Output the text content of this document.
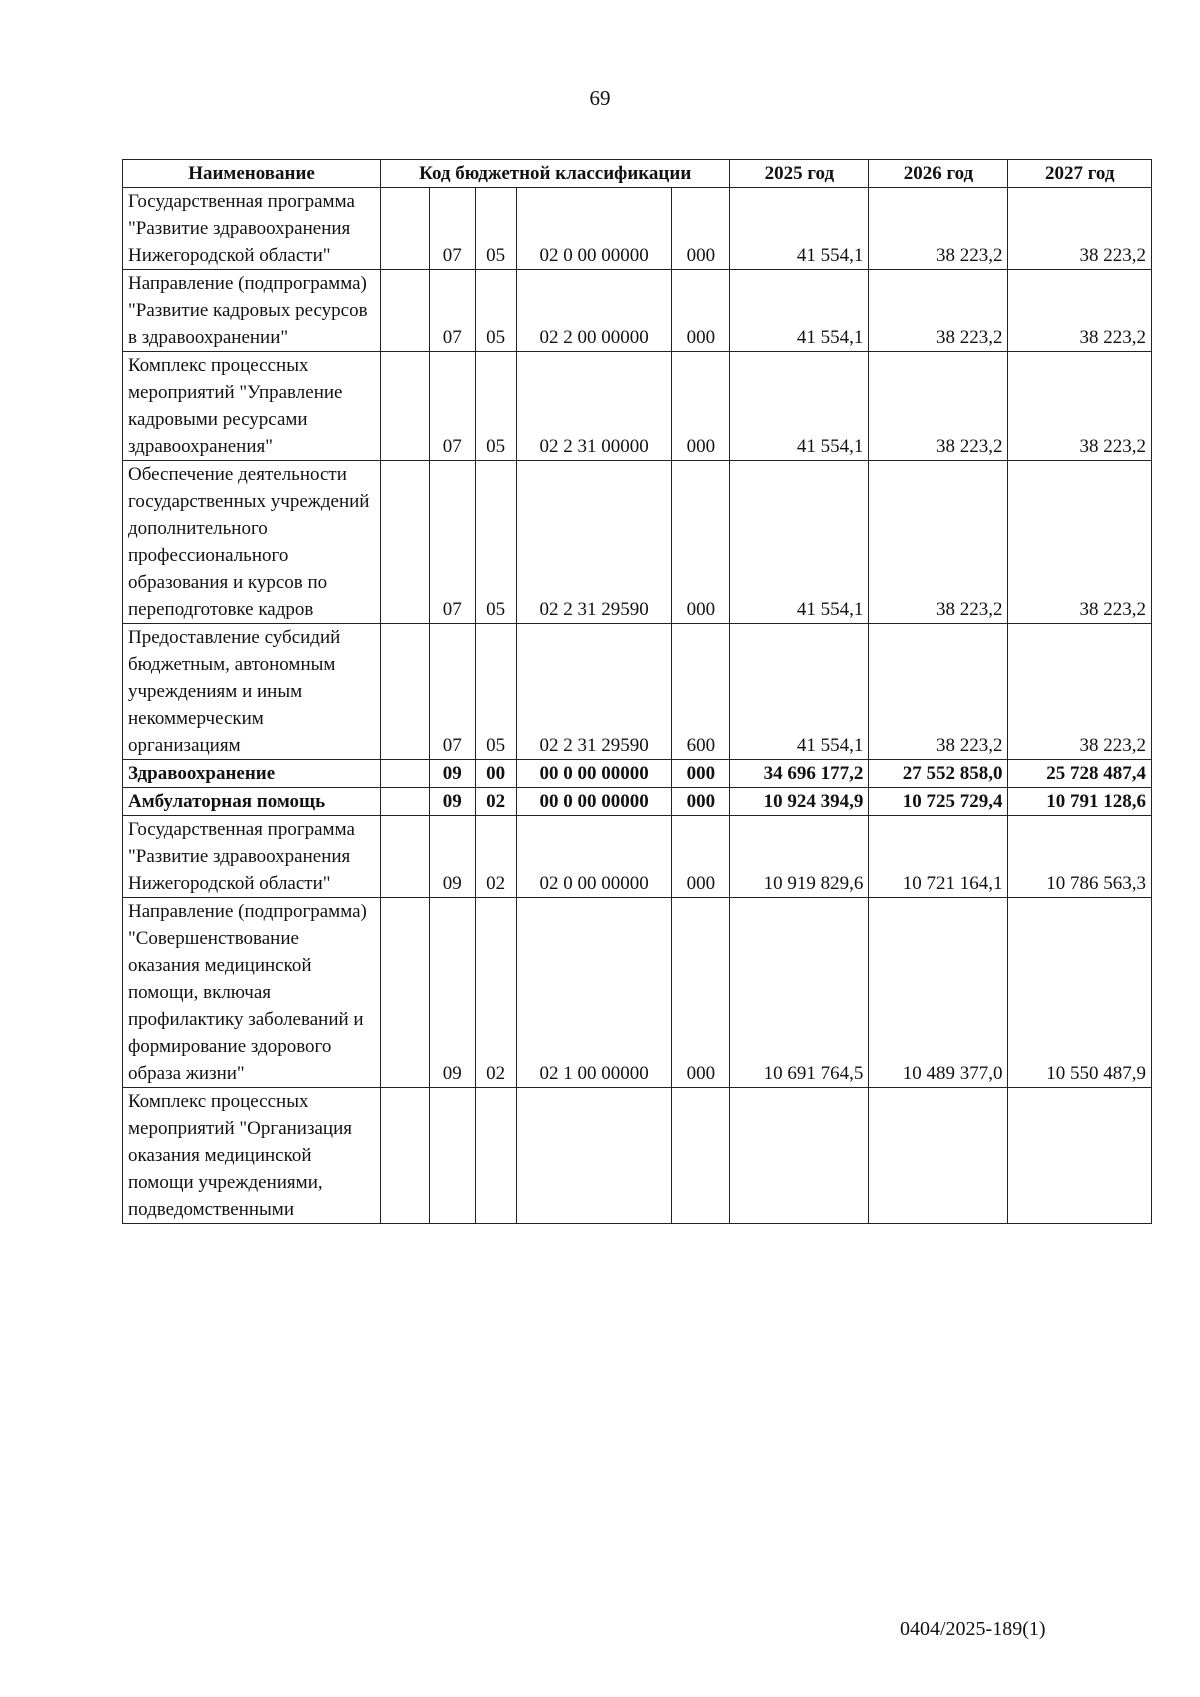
69
Наименование	Код бюджетной классификации					2025 год	2026 год	2027 год
Государственная программа "Развитие здравоохранения Нижегородской области"		07	05	02 0 00 00000	000	41 554,1	38 223,2	38 223,2
Направление (подпрограмма) "Развитие кадровых ресурсов в здравоохранении"		07	05	02 2 00 00000	000	41 554,1	38 223,2	38 223,2
Комплекс процессных мероприятий "Управление кадровыми ресурсами здравоохранения"		07	05	02 2 31 00000	000	41 554,1	38 223,2	38 223,2
Обеспечение деятельности государственных учреждений дополнительного профессионального образования и курсов по переподготовке кадров		07	05	02 2 31 29590	000	41 554,1	38 223,2	38 223,2
Предоставление субсидий бюджетным, автономным учреждениям и иным некоммерческим организациям		07	05	02 2 31 29590	600	41 554,1	38 223,2	38 223,2
Здравоохранение		09	00	00 0 00 00000	000	34 696 177,2	27 552 858,0	25 728 487,4
Амбулаторная помощь		09	02	00 0 00 00000	000	10 924 394,9	10 725 729,4	10 791 128,6
Государственная программа "Развитие здравоохранения Нижегородской области"		09	02	02 0 00 00000	000	10 919 829,6	10 721 164,1	10 786 563,3
Направление (подпрограмма) "Совершенствование оказания медицинской помощи, включая профилактику заболеваний и формирование здорового образа жизни"		09	02	02 1 00 00000	000	10 691 764,5	10 489 377,0	10 550 487,9
Комплекс процессных мероприятий "Организация оказания медицинской помощи учреждениями, подведомственными								
0404/2025-189(1)
